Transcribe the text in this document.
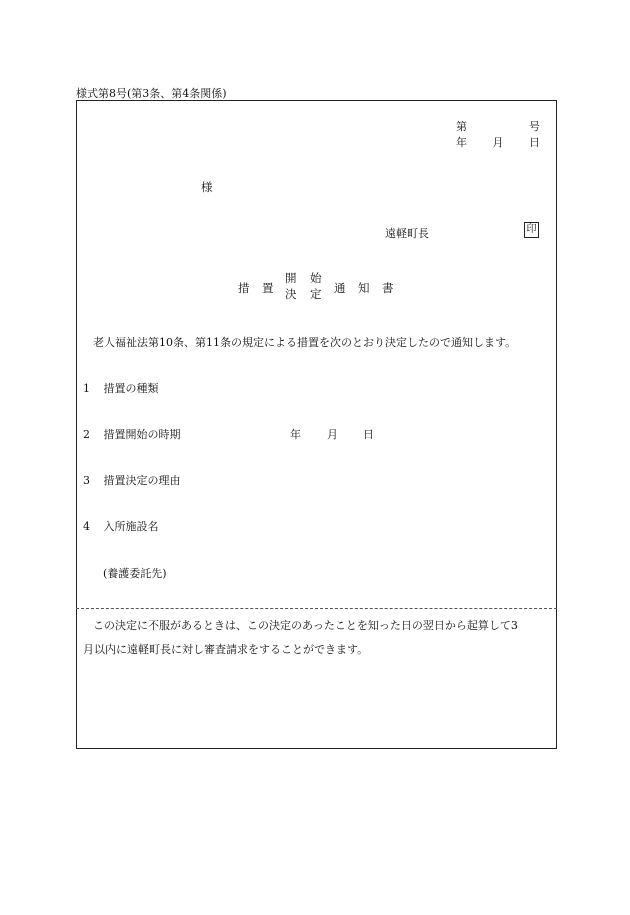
様式第8号(第3条、第4条関係)
第	号
年 月 日
様
遠軽町長	印
措 置
開
決
始
定 通 知 書
老人福祉法第10条、第11条の規定による措置を次のとおり決定したので通知します。
1 措置の種類
2 措置開始の時期	年 月 日
3 措置決定の理由
4 入所施設名
(養護委託先)
この決定に不服があるときは、この決定のあったことを知った日の翌日から起算して3
月以内に遠軽町長に対し審査請求をすることができます。
